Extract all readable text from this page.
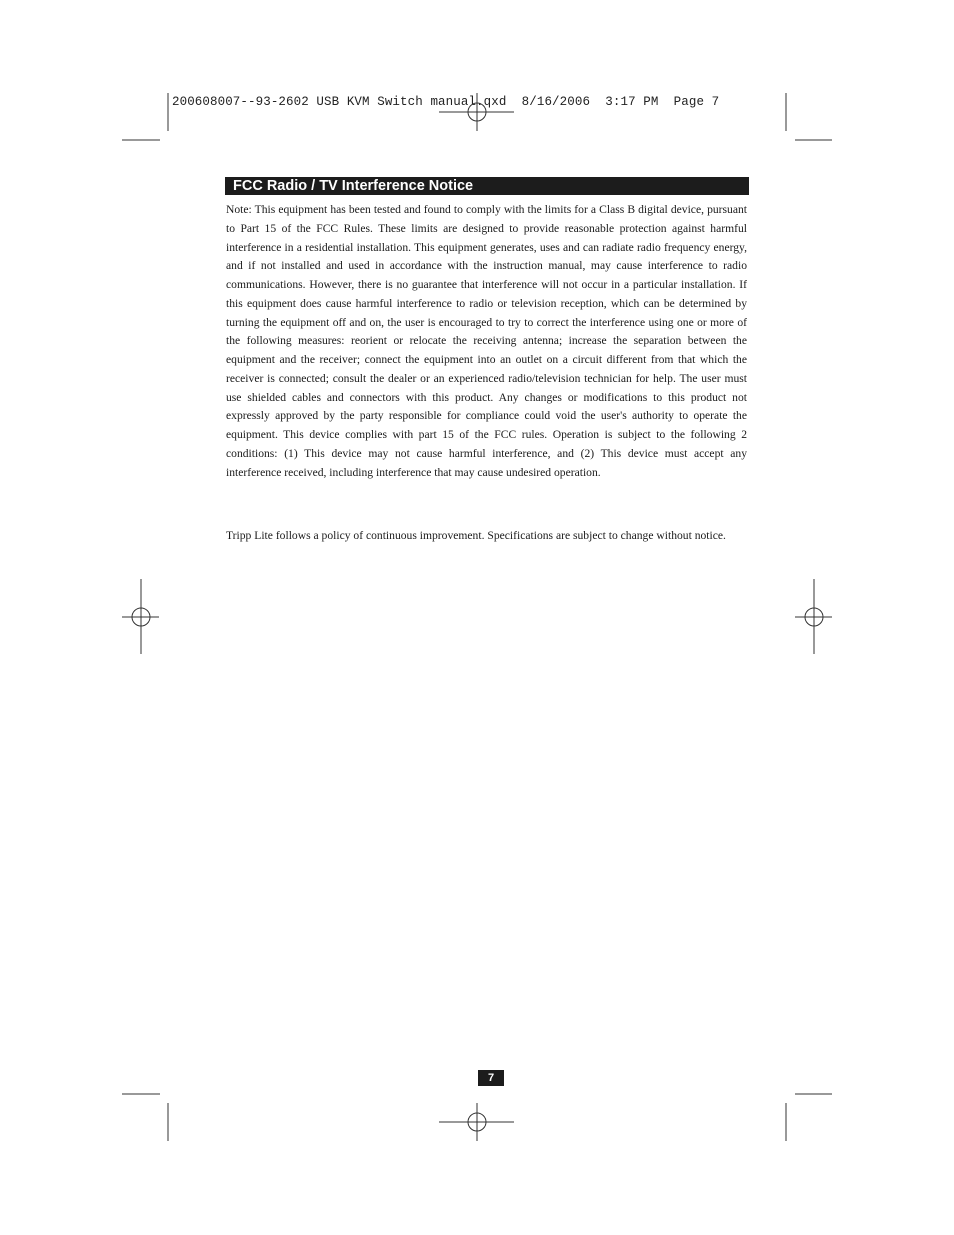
200608007--93-2602 USB KVM Switch manual.qxd  8/16/2006  3:17 PM  Page 7
FCC Radio / TV Interference Notice

Note: This equipment has been tested and found to comply with the limits for a Class B digital device, pursuant to Part 15 of the FCC Rules. These limits are designed to provide reasonable protection against harmful interference in a residential installation. This equipment generates, uses and can radiate radio frequency energy, and if not installed and used in accordance with the instruction manual, may cause interference to radio communications. However, there is no guarantee that interference will not occur in a particular installation. If this equipment does cause harmful interference to radio or television reception, which can be determined by turning the equipment off and on, the user is encouraged to try to correct the interference using one or more of the following measures: reorient or relocate the receiving antenna; increase the separation between the equipment and the receiver; connect the equipment into an outlet on a circuit different from that which the receiver is connected; consult the dealer or an experienced radio/television technician for help. The user must use shielded cables and connectors with this product. Any changes or modifications to this product not expressly approved by the party responsible for compliance could void the user's authority to operate the equipment. This device complies with part 15 of the FCC rules. Operation is subject to the following 2 conditions: (1) This device may not cause harmful interference, and (2) This device must accept any interference received, including interference that may cause undesired operation.

Tripp Lite follows a policy of continuous improvement. Specifications are subject to change without notice.

7
